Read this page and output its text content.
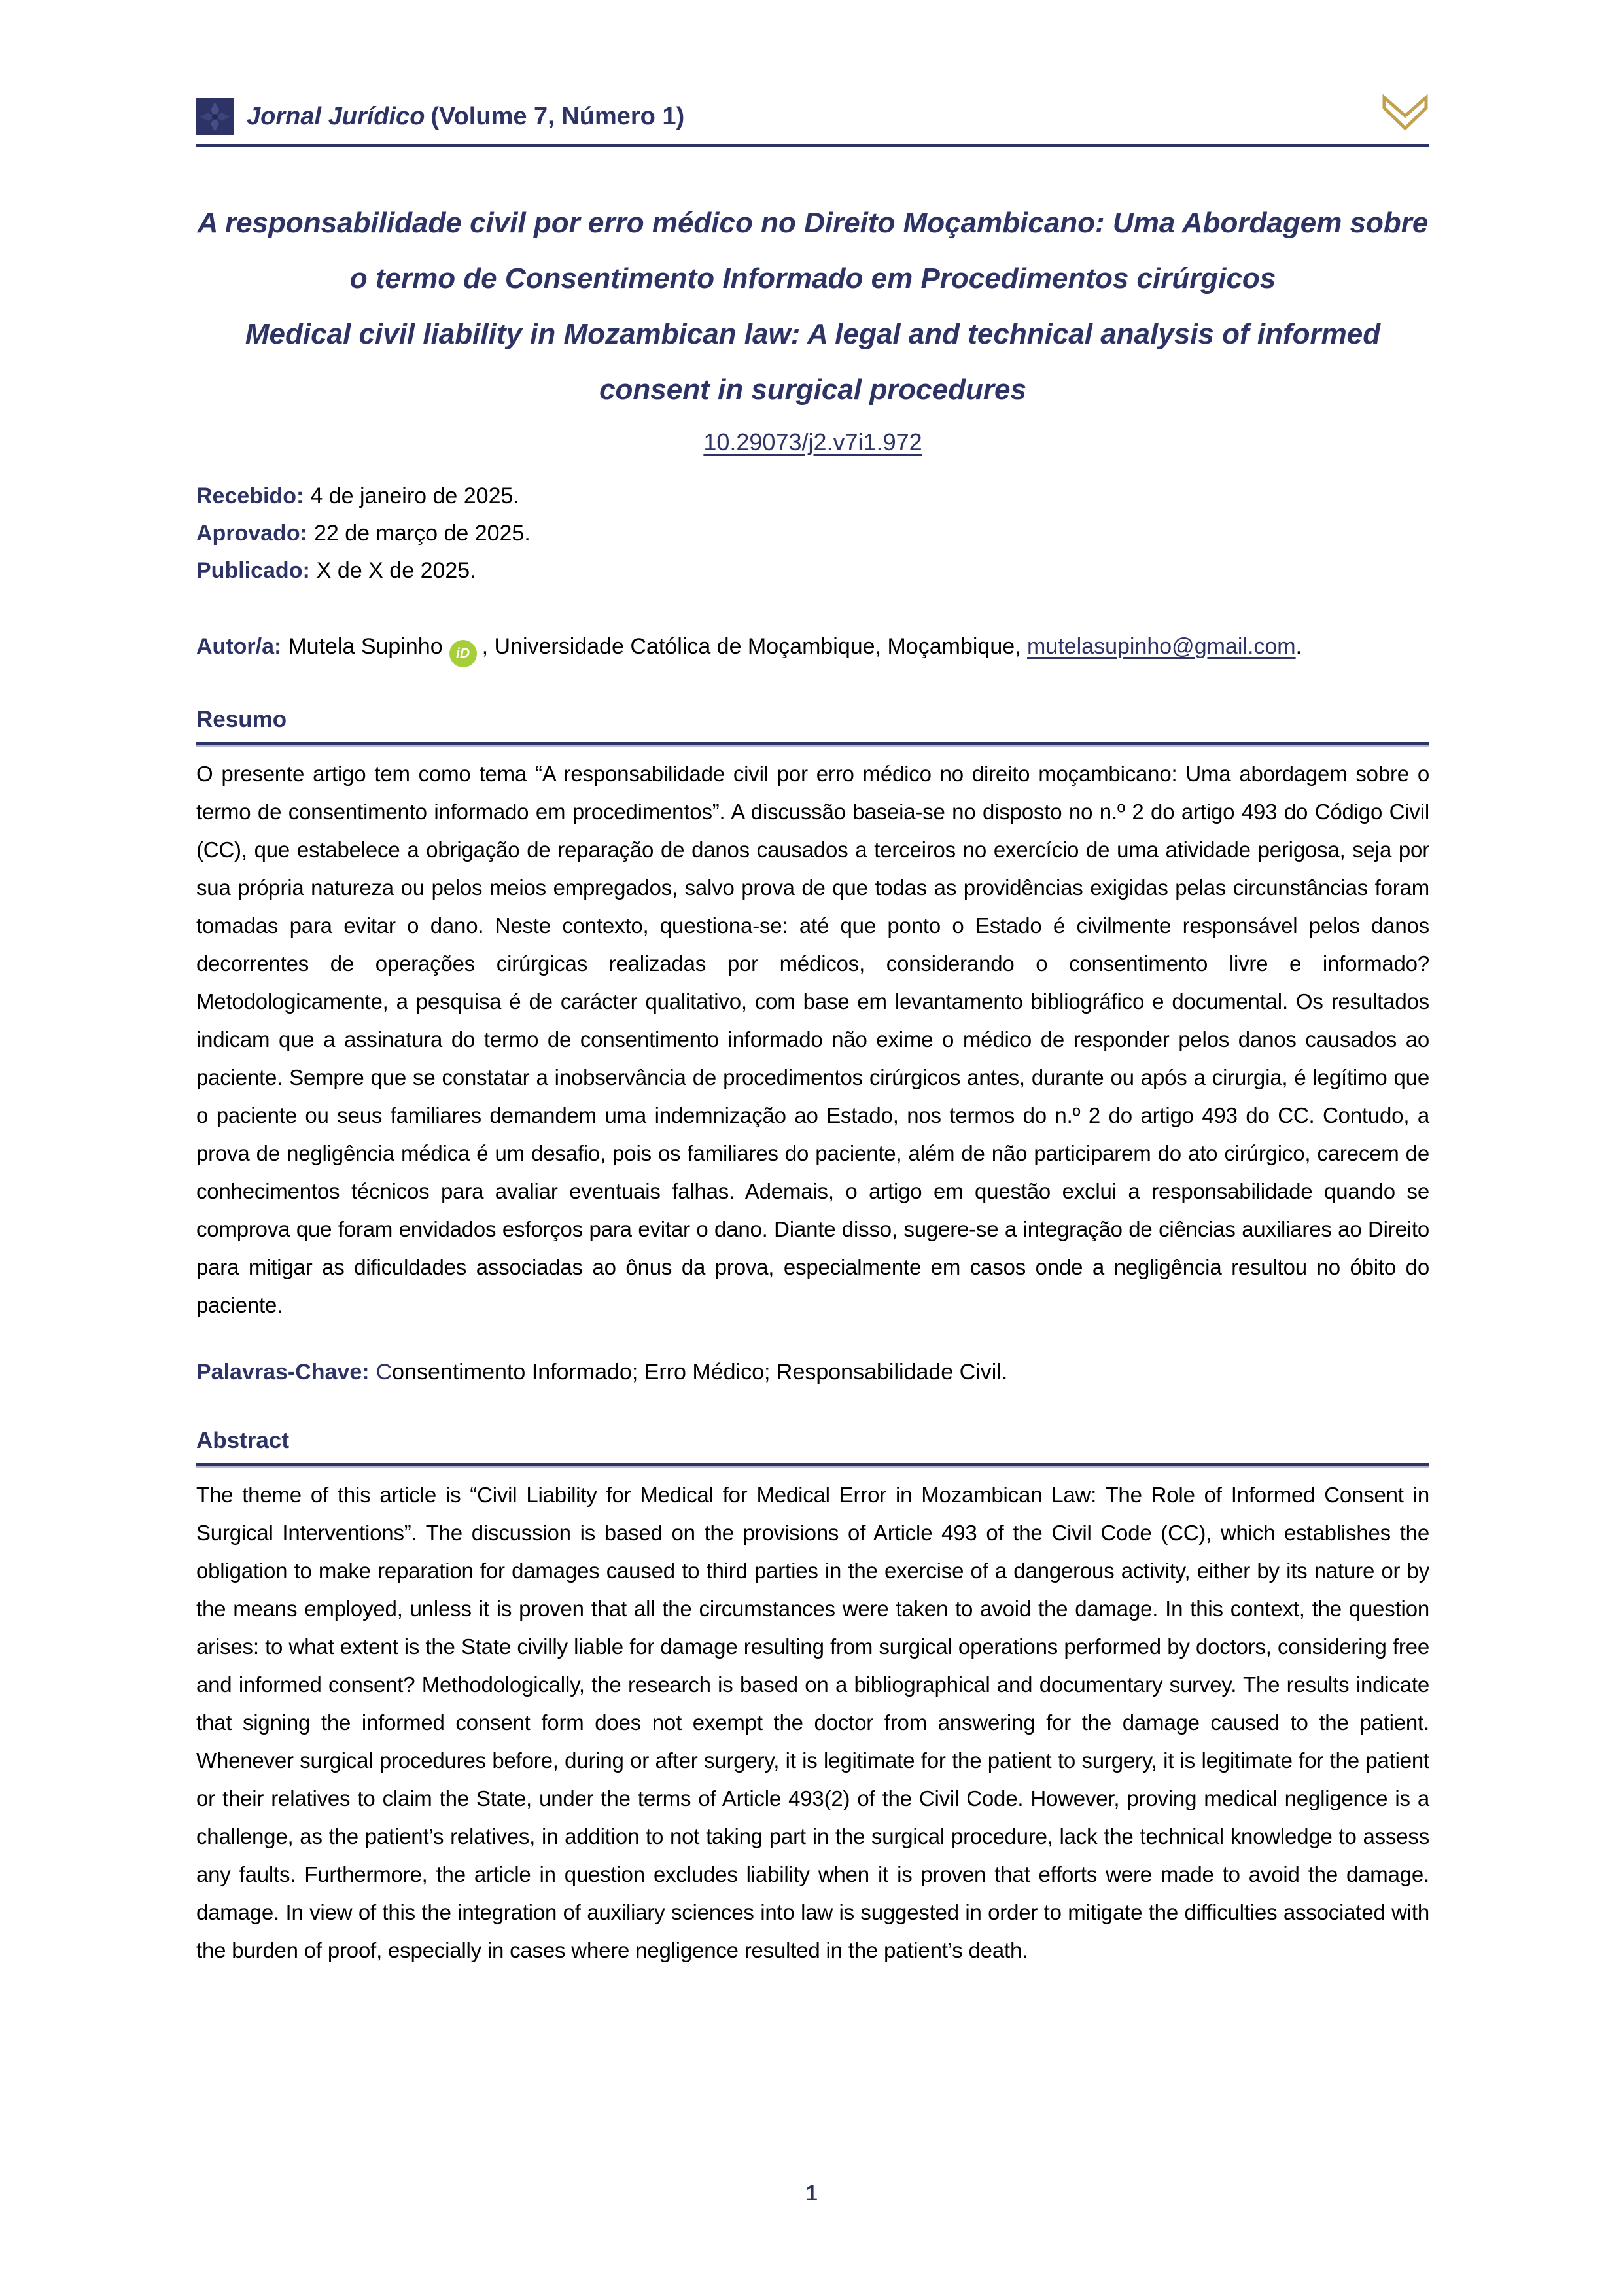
Jornal Jurídico (Volume 7, Número 1)

A responsabilidade civil por erro médico no Direito Moçambicano: Uma Abordagem sobre o termo de Consentimento Informado em Procedimentos cirúrgicos

Medical civil liability in Mozambican law: A legal and technical analysis of informed consent in surgical procedures

10.29073/j2.v7i1.972
Recebido: 4 de janeiro de 2025.
Aprovado: 22 de março de 2025.
Publicado: X de X de 2025.
Autor/a: Mutela Supinho iD , Universidade Católica de Moçambique, Moçambique, mutelasupinho@gmail.com.
Resumo

O presente artigo tem como tema “A responsabilidade civil por erro médico no direito moçambicano: Uma abordagem sobre o termo de consentimento informado em procedimentos”. A discussão baseia-se no disposto no n.º 2 do artigo 493 do Código Civil (CC), que estabelece a obrigação de reparação de danos causados a terceiros no exercício de uma atividade perigosa, seja por sua própria natureza ou pelos meios empregados, salvo prova de que todas as providências exigidas pelas circunstâncias foram tomadas para evitar o dano. Neste contexto, questiona-se: até que ponto o Estado é civilmente responsável pelos danos decorrentes de operações cirúrgicas realizadas por médicos, considerando o consentimento livre e informado? Metodologicamente, a pesquisa é de carácter qualitativo, com base em levantamento bibliográfico e documental. Os resultados indicam que a assinatura do termo de consentimento informado não exime o médico de responder pelos danos causados ao paciente. Sempre que se constatar a inobservância de procedimentos cirúrgicos antes, durante ou após a cirurgia, é legítimo que o paciente ou seus familiares demandem uma indemnização ao Estado, nos termos do n.º 2 do artigo 493 do CC. Contudo, a prova de negligência médica é um desafio, pois os familiares do paciente, além de não participarem do ato cirúrgico, carecem de conhecimentos técnicos para avaliar eventuais falhas. Ademais, o artigo em questão exclui a responsabilidade quando se comprova que foram envidados esforços para evitar o dano. Diante disso, sugere-se a integração de ciências auxiliares ao Direito para mitigar as dificuldades associadas ao ônus da prova, especialmente em casos onde a negligência resultou no óbito do paciente.

Palavras-Chave: Consentimento Informado; Erro Médico; Responsabilidade Civil.
Abstract

The theme of this article is “Civil Liability for Medical for Medical Error in Mozambican Law: The Role of Informed Consent in Surgical Interventions”. The discussion is based on the provisions of Article 493 of the Civil Code (CC), which establishes the obligation to make reparation for damages caused to third parties in the exercise of a dangerous activity, either by its nature or by the means employed, unless it is proven that all the circumstances were taken to avoid the damage. In this context, the question arises: to what extent is the State civilly liable for damage resulting from surgical operations performed by doctors, considering free and informed consent? Methodologically, the research is based on a bibliographical and documentary survey. The results indicate that signing the informed consent form does not exempt the doctor from answering for the damage caused to the patient. Whenever surgical procedures before, during or after surgery, it is legitimate for the patient to surgery, it is legitimate for the patient or their relatives to claim the State, under the terms of Article 493(2) of the Civil Code. However, proving medical negligence is a challenge, as the patient’s relatives, in addition to not taking part in the surgical procedure, lack the technical knowledge to assess any faults. Furthermore, the article in question excludes liability when it is proven that efforts were made to avoid the damage. damage. In view of this the integration of auxiliary sciences into law is suggested in order to mitigate the difficulties associated with the burden of proof, especially in cases where negligence resulted in the patient’s death.

1
